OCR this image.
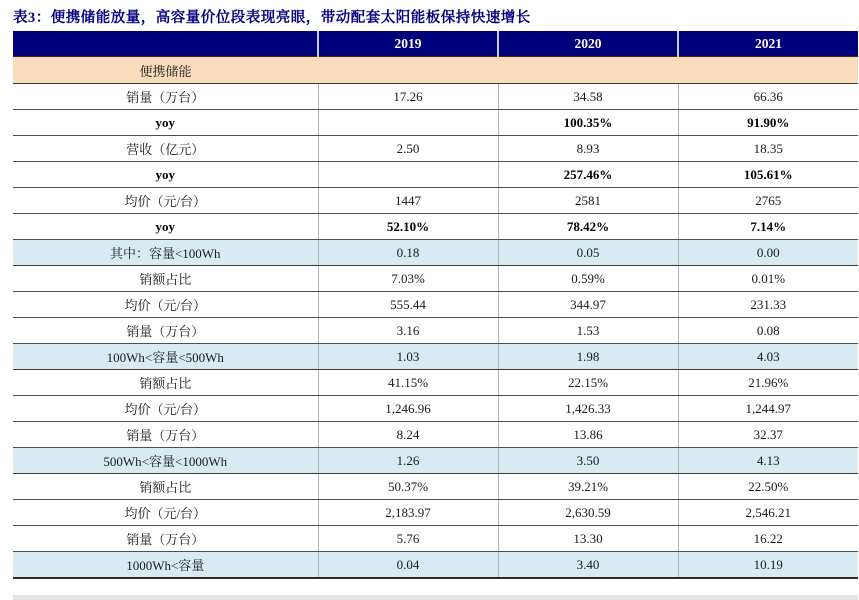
表3：便携储能放量，高容量价位段表现亮眼，带动配套太阳能板保持快速增长
	2019	2020	2021
便携储能			
销量（万台）	17.26	34.58	66.36
yoy		100.35%	91.90%
营收（亿元）	2.50	8.93	18.35
yoy		257.46%	105.61%
均价（元/台）	1447	2581	2765
yoy	52.10%	78.42%	7.14%
其中：容量<100Wh	0.18	0.05	0.00
销额占比	7.03%	0.59%	0.01%
均价（元/台）	555.44	344.97	231.33
销量（万台）	3.16	1.53	0.08
100Wh<容量<500Wh	1.03	1.98	4.03
销额占比	41.15%	22.15%	21.96%
均价（元/台）	1,246.96	1,426.33	1,244.97
销量（万台）	8.24	13.86	32.37
500Wh<容量<1000Wh	1.26	3.50	4.13
销额占比	50.37%	39.21%	22.50%
均价（元/台）	2,183.97	2,630.59	2,546.21
销量（万台）	5.76	13.30	16.22
1000Wh<容量	0.04	3.40	10.19
